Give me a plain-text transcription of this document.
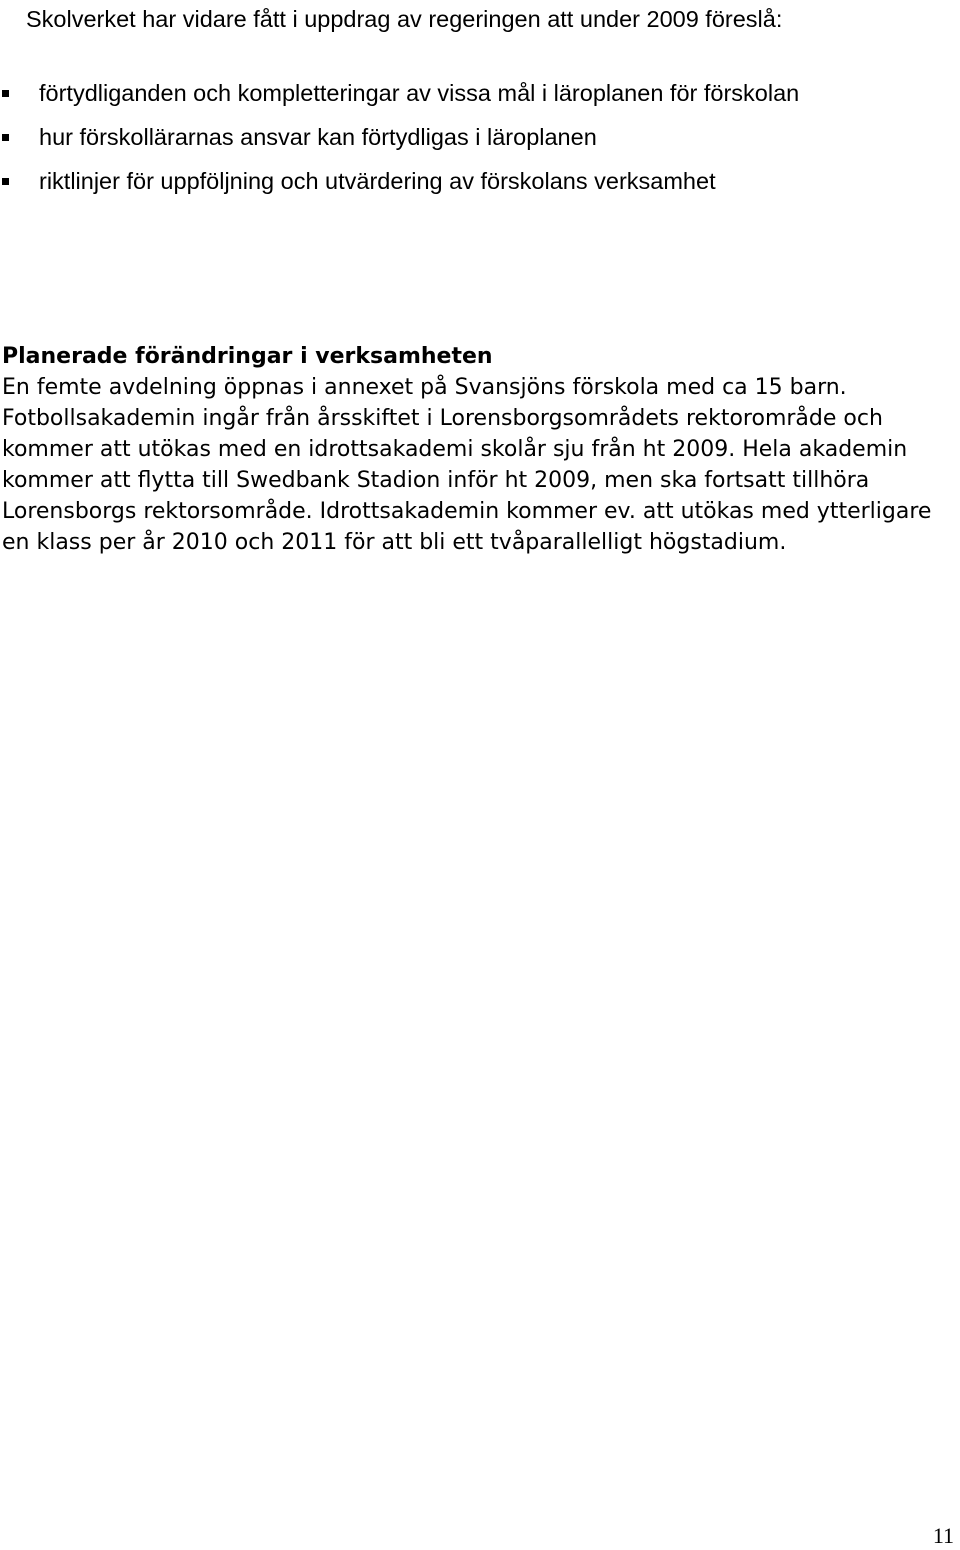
Skolverket har vidare fått i uppdrag av regeringen att under 2009 föreslå:

förtydliganden och kompletteringar av vissa mål i läroplanen för förskolan
hur förskollärarnas ansvar kan förtydligas i läroplanen
riktlinjer för uppföljning och utvärdering av förskolans verksamhet
Planerade förändringar i verksamheten

En femte avdelning öppnas i annexet på Svansjöns förskola med ca 15 barn. Fotbollsakademin ingår från årsskiftet i Lorensborgsområdets rektorområde och kommer att utökas med en idrottsakademi skolår sju från ht 2009. Hela akademin kommer att flytta till Swedbank Stadion inför ht 2009, men ska fortsatt tillhöra Lorensborgs rektorsområde. Idrottsakademin kommer ev. att utökas med ytterligare en klass per år 2010 och 2011 för att bli ett tvåparallelligt högstadium.

11
